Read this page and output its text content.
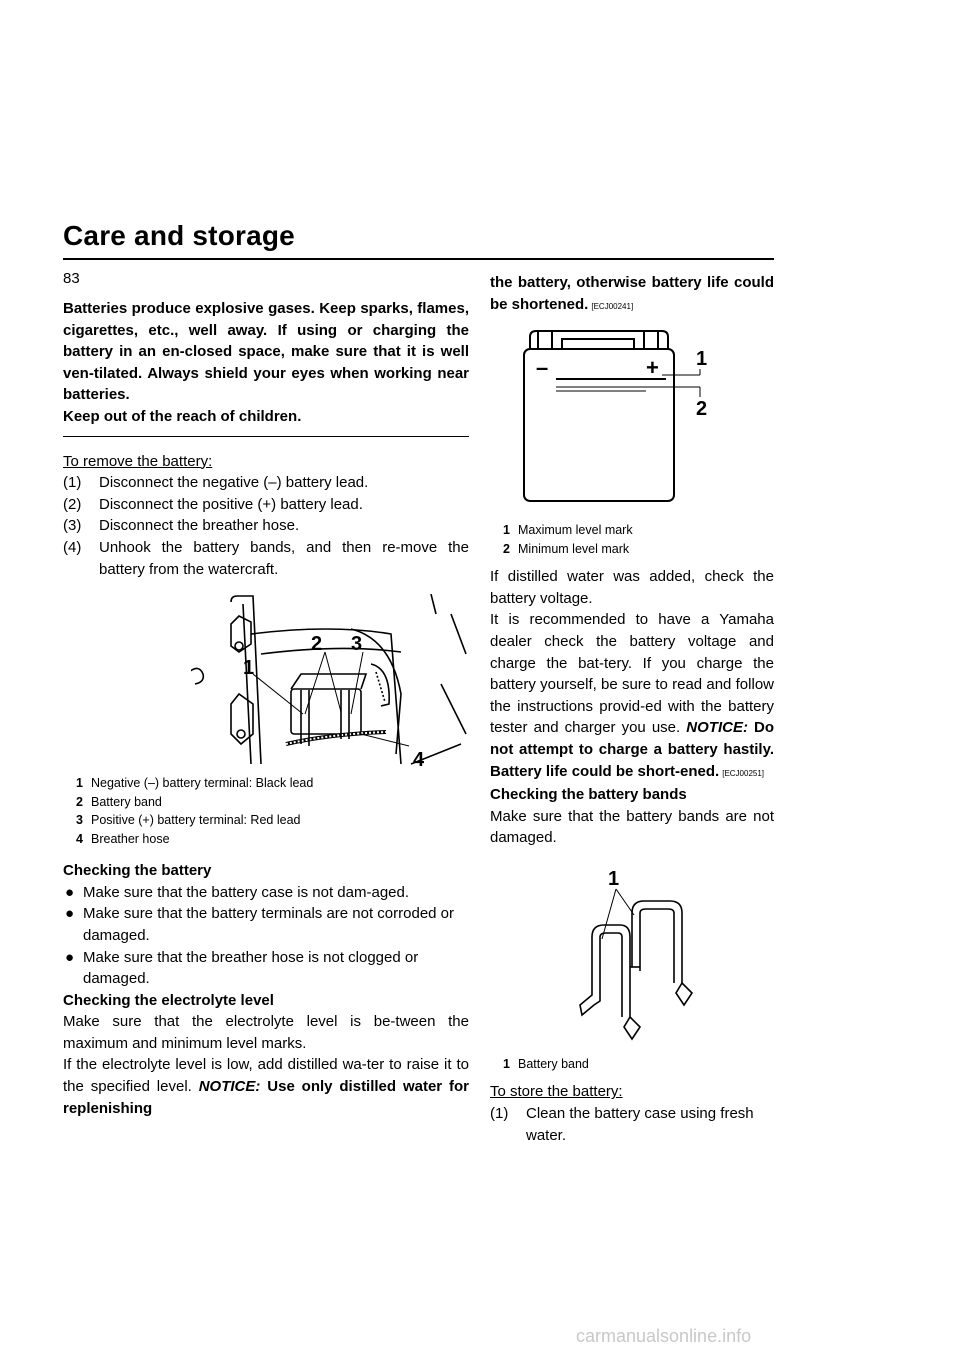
Care and storage
83

Batteries produce explosive gases. Keep sparks, flames, cigarettes, etc., well away. If using or charging the battery in an en-closed space, make sure that it is well ven-tilated. Always shield your eyes when working near batteries.

Keep out of the reach of children.

To remove the battery:

(1) Disconnect the negative (–) battery lead.
(2) Disconnect the positive (+) battery lead.
(3) Disconnect the breather hose.
(4) Unhook the battery bands, and then re-move the battery from the watercraft.
1
2 3
4
1 Negative (–) battery terminal: Black lead
2 Battery band
3 Positive (+) battery terminal: Red lead
4 Breather hose

Checking the battery

● Make sure that the battery case is not dam-aged.
● Make sure that the battery terminals are not corroded or damaged.
● Make sure that the breather hose is not clogged or damaged.

Checking the electrolyte level

Make sure that the electrolyte level is be-tween the maximum and minimum level marks.

If the electrolyte level is low, add distilled wa-ter to raise it to the specified level. NOTICE: Use only distilled water for replenishing

the battery, otherwise battery life could be shortened. [ECJ00241]

–	+ 1
2
1 Maximum level mark
2 Minimum level mark

If distilled water was added, check the battery voltage.

It is recommended to have a Yamaha dealer check the battery voltage and charge the bat-tery. If you charge the battery yourself, be sure to read and follow the instructions provid-ed with the battery tester and charger you use. NOTICE: Do not attempt to charge a battery hastily. Battery life could be short-ened. [ECJ00251]

Checking the battery bands

Make sure that the battery bands are not damaged.

1
1 Battery band

To store the battery:

(1) Clean the battery case using fresh water.
carmanualsonline.info
